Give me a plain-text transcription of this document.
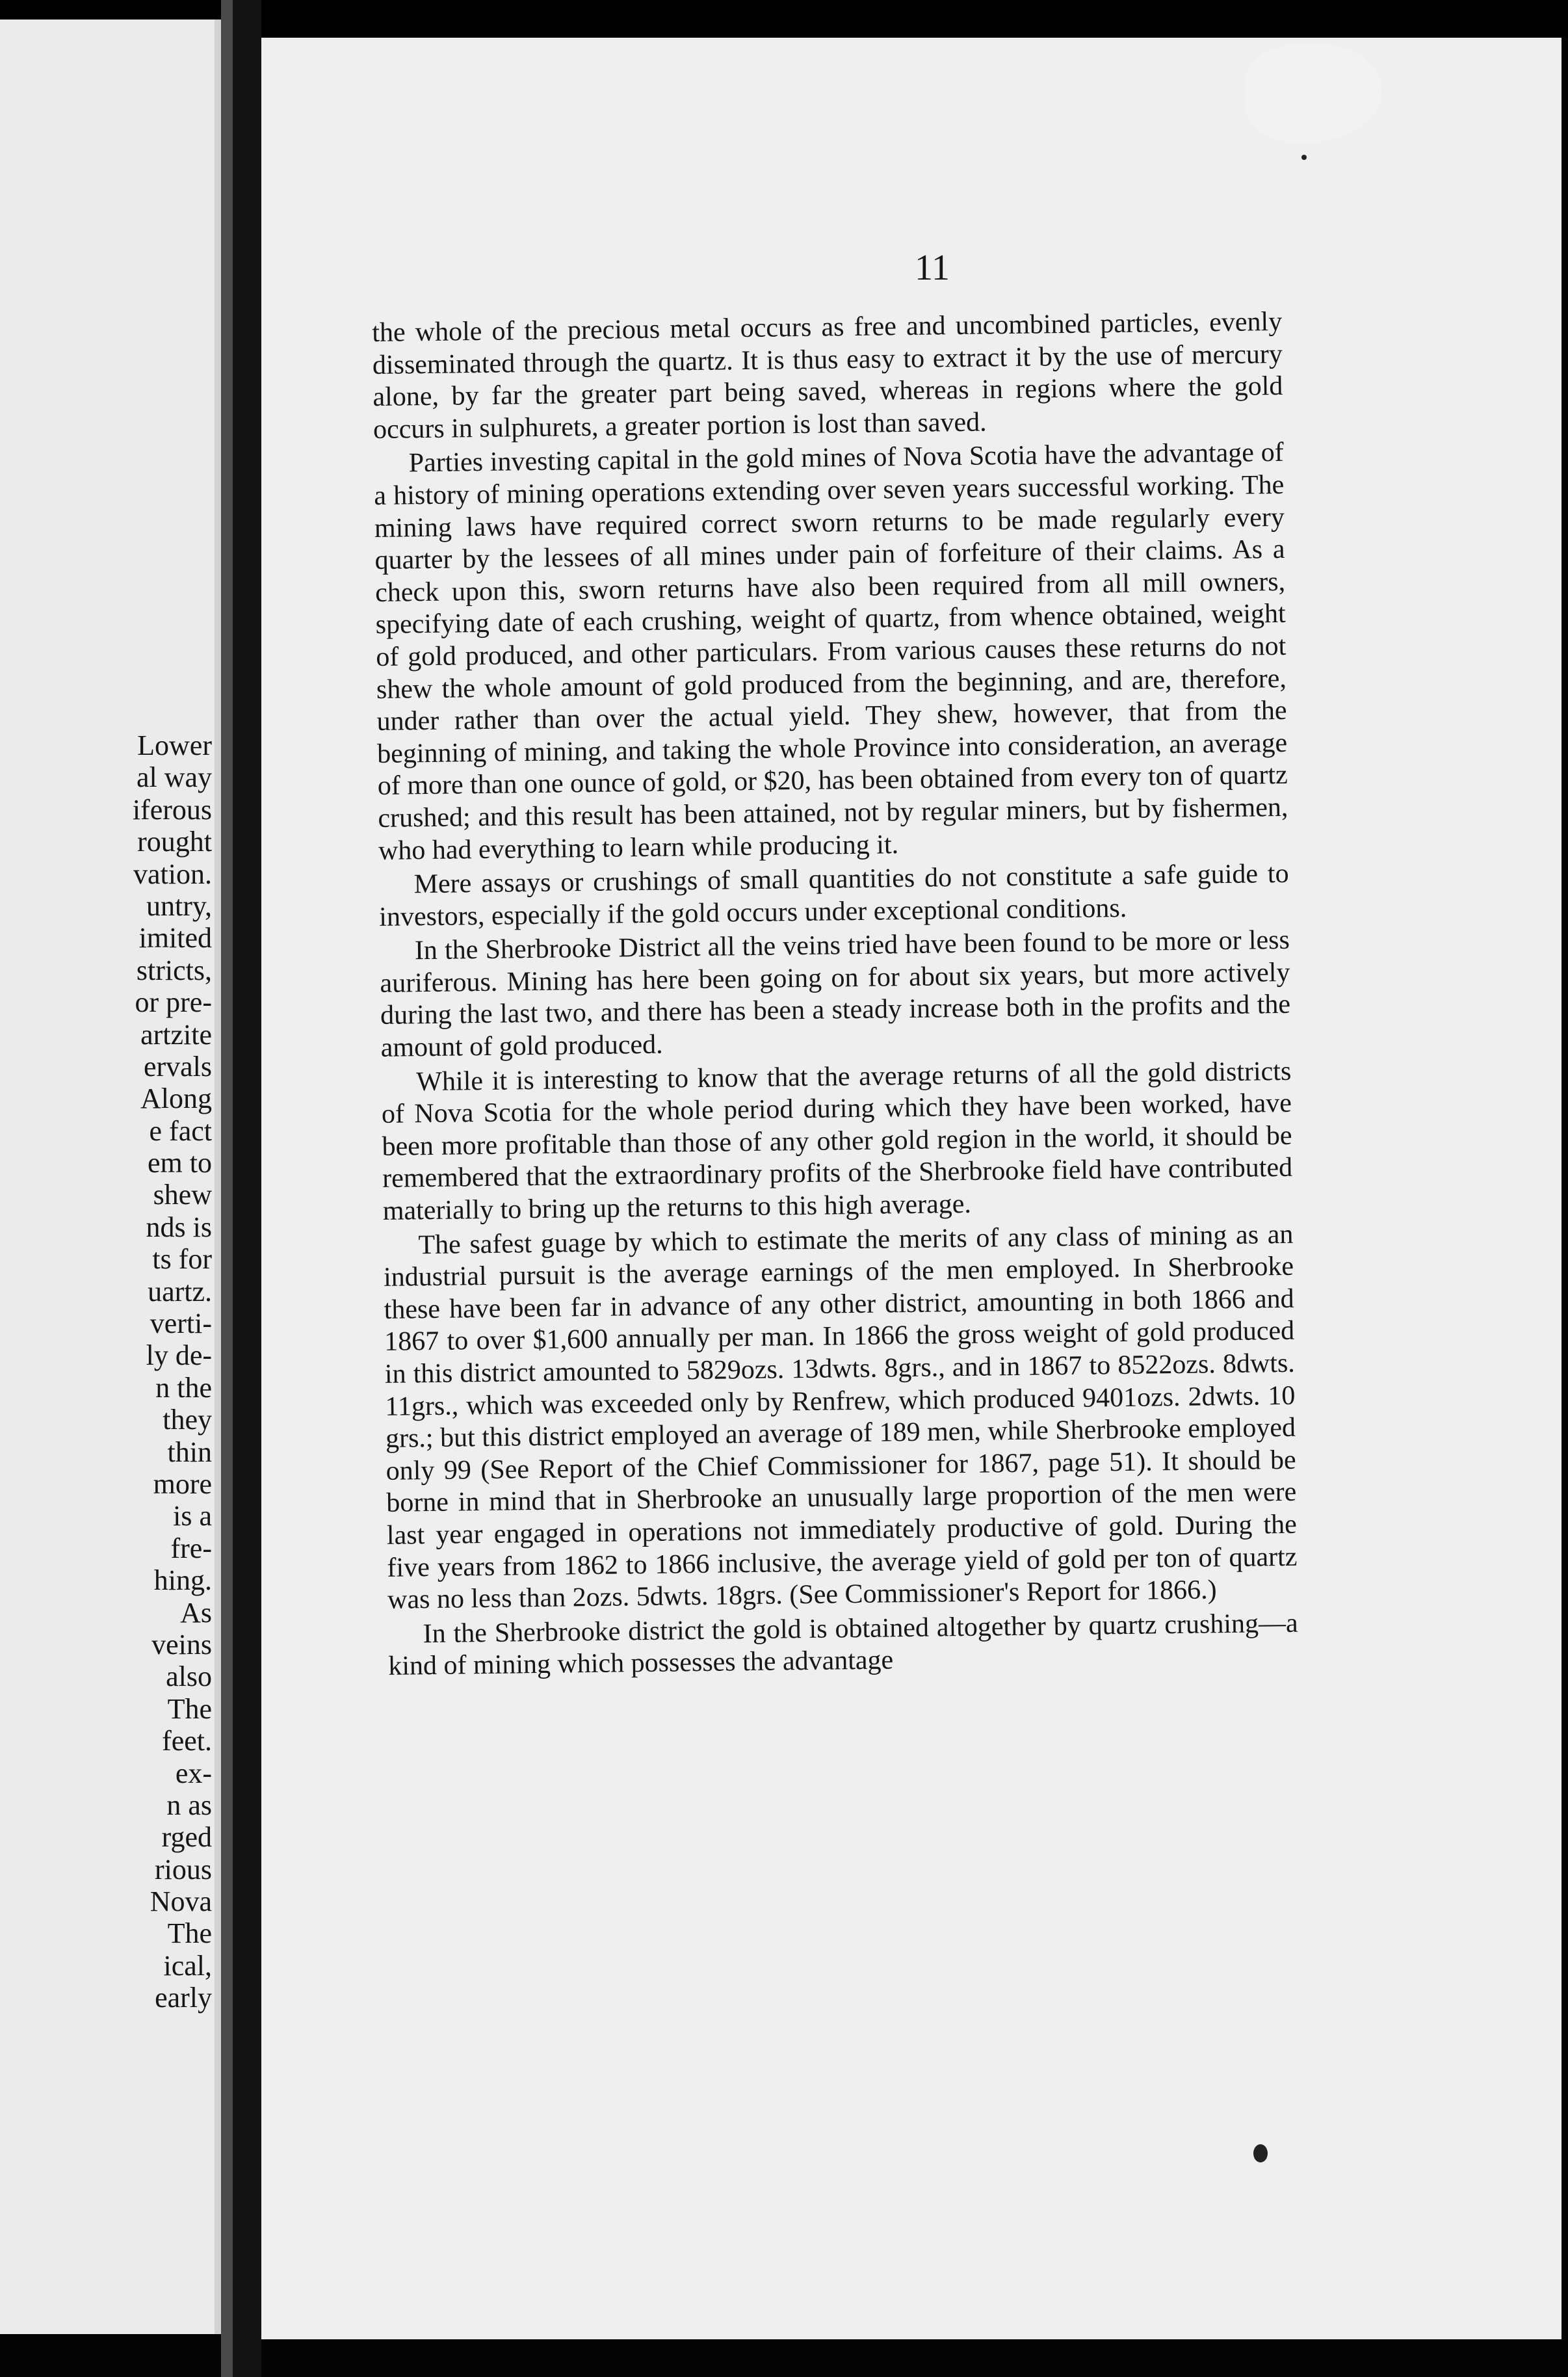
Lower
al way
iferous
rought
vation.
untry,
imited
stricts,
or pre-
artzite
ervals
Along
e fact
em to
shew
nds is
ts for
uartz.
verti-
ly de-
n the
they
thin
more
is a
fre-
hing.
As
veins
also
The
feet.
ex-
n as
rged
rious
Nova
The
ical,
early
11

the whole of the precious metal occurs as free and uncombined particles, evenly disseminated through the quartz. It is thus easy to extract it by the use of mercury alone, by far the greater part being saved, whereas in regions where the gold occurs in sulphurets, a greater portion is lost than saved.

Parties investing capital in the gold mines of Nova Scotia have the advantage of a history of mining operations extending over seven years successful working. The mining laws have required correct sworn returns to be made regularly every quarter by the lessees of all mines under pain of forfeiture of their claims. As a check upon this, sworn returns have also been required from all mill owners, specifying date of each crushing, weight of quartz, from whence obtained, weight of gold produced, and other particulars. From various causes these returns do not shew the whole amount of gold produced from the beginning, and are, therefore, under rather than over the actual yield. They shew, however, that from the beginning of mining, and taking the whole Province into consideration, an average of more than one ounce of gold, or $20, has been obtained from every ton of quartz crushed; and this result has been attained, not by regular miners, but by fishermen, who had everything to learn while producing it.

Mere assays or crushings of small quantities do not constitute a safe guide to investors, especially if the gold occurs under exceptional conditions.

In the Sherbrooke District all the veins tried have been found to be more or less auriferous. Mining has here been going on for about six years, but more actively during the last two, and there has been a steady increase both in the profits and the amount of gold produced.

While it is interesting to know that the average returns of all the gold districts of Nova Scotia for the whole period during which they have been worked, have been more profitable than those of any other gold region in the world, it should be remembered that the extraordinary profits of the Sherbrooke field have contributed materially to bring up the returns to this high average.

The safest guage by which to estimate the merits of any class of mining as an industrial pursuit is the average earnings of the men employed. In Sherbrooke these have been far in advance of any other district, amounting in both 1866 and 1867 to over $1,600 annually per man. In 1866 the gross weight of gold produced in this district amounted to 5829ozs. 13dwts. 8grs., and in 1867 to 8522ozs. 8dwts. 11grs., which was exceeded only by Renfrew, which produced 9401ozs. 2dwts. 10 grs.; but this district employed an average of 189 men, while Sherbrooke employed only 99 (See Report of the Chief Commissioner for 1867, page 51). It should be borne in mind that in Sherbrooke an unusually large proportion of the men were last year engaged in operations not immediately productive of gold. During the five years from 1862 to 1866 inclusive, the average yield of gold per ton of quartz was no less than 2ozs. 5dwts. 18grs. (See Commissioner's Report for 1866.)

In the Sherbrooke district the gold is obtained altogether by quartz crushing—a kind of mining which possesses the advantage
